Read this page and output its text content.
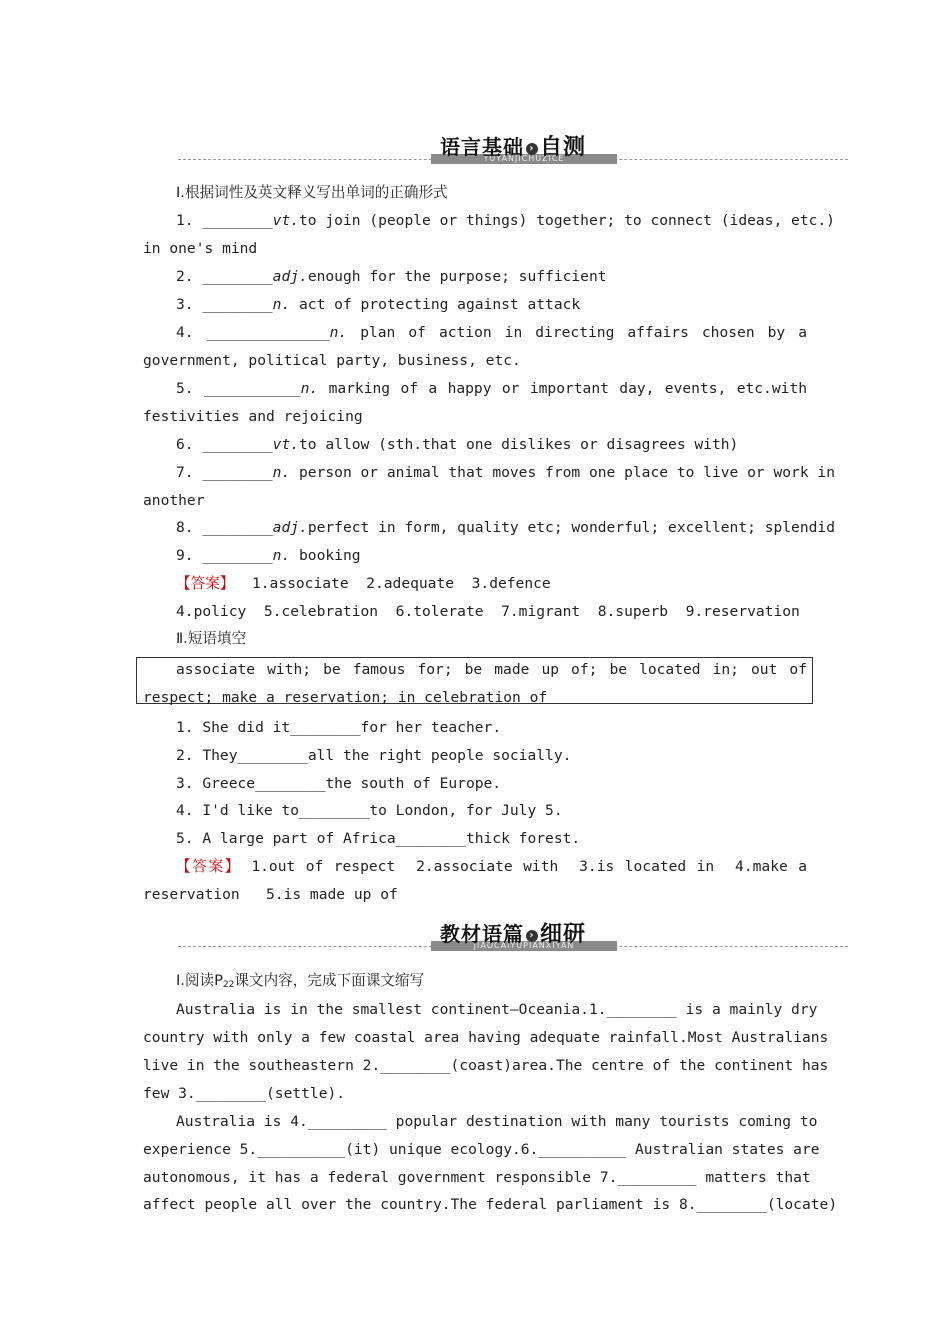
YUYANJICHUZICE
语言基础 › 自测
Ⅰ.根据词性及英文释义写出单词的正确形式
1. ________vt.to join (people or things) together; to connect (ideas, etc.)
in one's mind
2. ________adj.enough for the purpose; sufficient
3. ________n. act of protecting against attack
4. ______________n. plan of action in directing affairs chosen by a
government, political party, business, etc.
5. ___________n. marking of a happy or important day, events, etc.with
festivities and rejoicing
6. ________vt.to allow (sth.that one dislikes or disagrees with)
7. ________n. person or animal that moves from one place to live or work in
another
8. ________adj.perfect in form, quality etc; wonderful; excellent; splendid
9. ________n. booking
【答案】  1.associate  2.adequate  3.defence
4.policy  5.celebration  6.tolerate  7.migrant  8.superb  9.reservation
Ⅱ.短语填空
associate with; be famous for; be made up of; be located in; out of
respect; make a reservation; in celebration of
1. She did it________for her teacher.
2. They________all the right people socially.
3. Greece________the south of Europe.
4. I'd like to________to London, for July 5.
5. A large part of Africa________thick forest.
【答案】 1.out of respect  2.associate with  3.is located in  4.make a
reservation   5.is made up of
JIAOCAIYUPIANXIYAN
教材语篇 › 细研
Ⅰ.阅读$P_{22}$课文内容，完成下面课文缩写
Australia is in the smallest continent—Oceania.1.________ is a mainly dry
country with only a few coastal area having adequate rainfall.Most Australians
live in the southeastern 2.________(coast)area.The centre of the continent has
few 3.________(settle).
Australia is 4._________ popular destination with many tourists coming to
experience 5.__________(it) unique ecology.6.__________ Australian states are
autonomous, it has a federal government responsible 7._________ matters that
affect people all over the country.The federal parliament is 8.________(locate)
